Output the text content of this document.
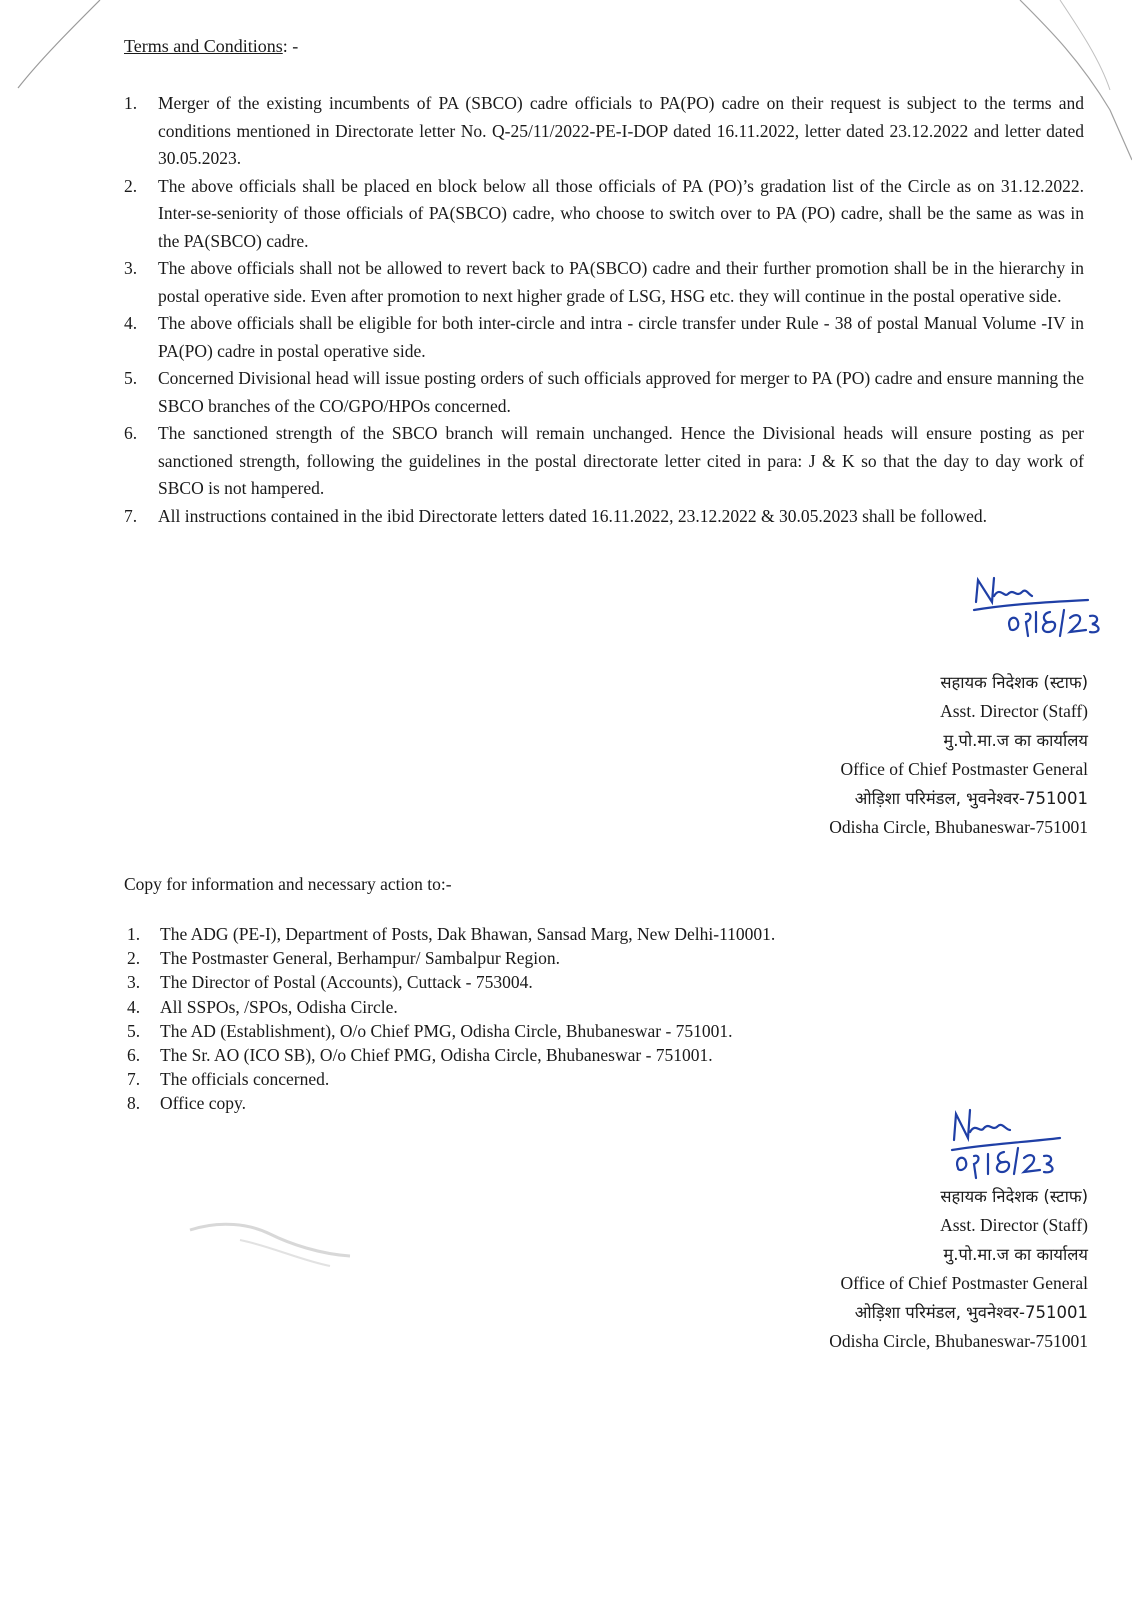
Terms and Conditions: -
1. Merger of the existing incumbents of PA (SBCO) cadre officials to PA(PO) cadre on their request is subject to the terms and conditions mentioned in Directorate letter No. Q-25/11/2022-PE-I-DOP dated 16.11.2022, letter dated 23.12.2022 and letter dated 30.05.2023.
2. The above officials shall be placed en block below all those officials of PA (PO)’s gradation list of the Circle as on 31.12.2022. Inter-se-seniority of those officials of PA(SBCO) cadre, who choose to switch over to PA (PO) cadre, shall be the same as was in the PA(SBCO) cadre.
3. The above officials shall not be allowed to revert back to PA(SBCO) cadre and their further promotion shall be in the hierarchy in postal operative side. Even after promotion to next higher grade of LSG, HSG etc. they will continue in the postal operative side.
4. The above officials shall be eligible for both inter-circle and intra - circle transfer under Rule - 38 of postal Manual Volume -IV in PA(PO) cadre in postal operative side.
5. Concerned Divisional head will issue posting orders of such officials approved for merger to PA (PO) cadre and ensure manning the SBCO branches of the CO/GPO/HPOs concerned.
6. The sanctioned strength of the SBCO branch will remain unchanged. Hence the Divisional heads will ensure posting as per sanctioned strength, following the guidelines in the postal directorate letter cited in para: J & K so that the day to day work of SBCO is not hampered.
7. All instructions contained in the ibid Directorate letters dated 16.11.2022, 23.12.2022 & 30.05.2023 shall be followed.
सहायक निदेशक (स्टाफ)
Asst. Director (Staff)
मु.पो.मा.ज का कार्यालय
Office of Chief Postmaster General
ओड़िशा परिमंडल, भुवनेश्वर-751001
Odisha Circle, Bhubaneswar-751001
Copy for information and necessary action to:-
1. The ADG (PE-I), Department of Posts, Dak Bhawan, Sansad Marg, New Delhi-110001.
2. The Postmaster General, Berhampur/ Sambalpur Region.
3. The Director of Postal (Accounts), Cuttack - 753004.
4. All SSPOs, /SPOs, Odisha Circle.
5. The AD (Establishment), O/o Chief PMG, Odisha Circle, Bhubaneswar - 751001.
6. The Sr. AO (ICO SB), O/o Chief PMG, Odisha Circle, Bhubaneswar - 751001.
7. The officials concerned.
8. Office copy.
सहायक निदेशक (स्टाफ)
Asst. Director (Staff)
मु.पो.मा.ज का कार्यालय
Office of Chief Postmaster General
ओड़िशा परिमंडल, भुवनेश्वर-751001
Odisha Circle, Bhubaneswar-751001
